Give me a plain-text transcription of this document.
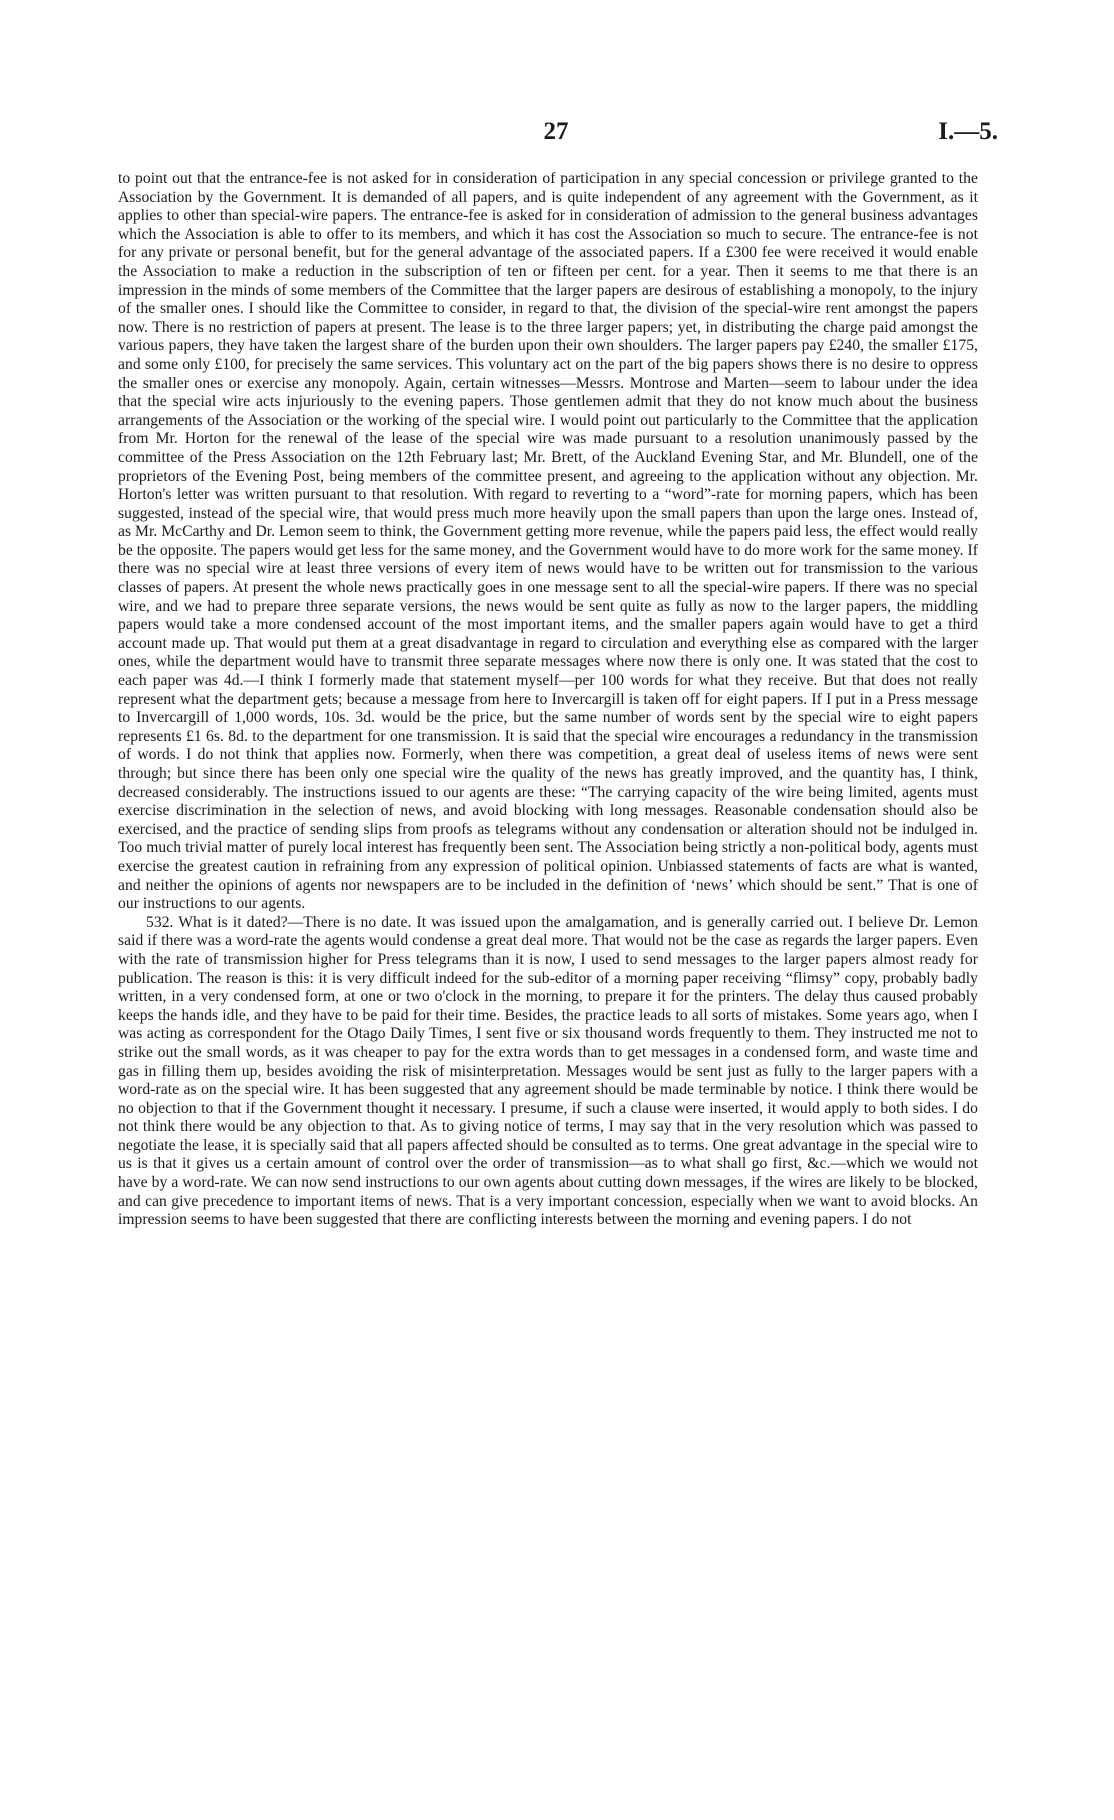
27	I.—5.

to point out that the entrance-fee is not asked for in consideration of participation in any special concession or privilege granted to the Association by the Government. It is demanded of all papers, and is quite independent of any agreement with the Government, as it applies to other than special-wire papers. The entrance-fee is asked for in consideration of admission to the general business advantages which the Association is able to offer to its members, and which it has cost the Association so much to secure. The entrance-fee is not for any private or personal benefit, but for the general advantage of the associated papers. If a £300 fee were received it would enable the Association to make a reduction in the subscription of ten or fifteen per cent. for a year. Then it seems to me that there is an impression in the minds of some members of the Committee that the larger papers are desirous of establishing a monopoly, to the injury of the smaller ones. I should like the Committee to consider, in regard to that, the division of the special-wire rent amongst the papers now. There is no restriction of papers at present. The lease is to the three larger papers; yet, in distributing the charge paid amongst the various papers, they have taken the largest share of the burden upon their own shoulders. The larger papers pay £240, the smaller £175, and some only £100, for precisely the same services. This voluntary act on the part of the big papers shows there is no desire to oppress the smaller ones or exercise any monopoly. Again, certain witnesses—Messrs. Montrose and Marten—seem to labour under the idea that the special wire acts injuriously to the evening papers. Those gentlemen admit that they do not know much about the business arrangements of the Association or the working of the special wire. I would point out particularly to the Committee that the application from Mr. Horton for the renewal of the lease of the special wire was made pursuant to a resolution unanimously passed by the committee of the Press Association on the 12th February last; Mr. Brett, of the Auckland Evening Star, and Mr. Blundell, one of the proprietors of the Evening Post, being members of the committee present, and agreeing to the application without any objection. Mr. Horton's letter was written pursuant to that resolution. With regard to reverting to a “word”-rate for morning papers, which has been suggested, instead of the special wire, that would press much more heavily upon the small papers than upon the large ones. Instead of, as Mr. McCarthy and Dr. Lemon seem to think, the Government getting more revenue, while the papers paid less, the effect would really be the opposite. The papers would get less for the same money, and the Government would have to do more work for the same money. If there was no special wire at least three versions of every item of news would have to be written out for transmission to the various classes of papers. At present the whole news practically goes in one message sent to all the special-wire papers. If there was no special wire, and we had to prepare three separate versions, the news would be sent quite as fully as now to the larger papers, the middling papers would take a more condensed account of the most important items, and the smaller papers again would have to get a third account made up. That would put them at a great disadvantage in regard to circulation and everything else as compared with the larger ones, while the department would have to transmit three separate messages where now there is only one. It was stated that the cost to each paper was 4d.—I think I formerly made that statement myself—per 100 words for what they receive. But that does not really represent what the department gets; because a message from here to Invercargill is taken off for eight papers. If I put in a Press message to Invercargill of 1,000 words, 10s. 3d. would be the price, but the same number of words sent by the special wire to eight papers represents £1 6s. 8d. to the department for one transmission. It is said that the special wire encourages a redundancy in the transmission of words. I do not think that applies now. Formerly, when there was competition, a great deal of useless items of news were sent through; but since there has been only one special wire the quality of the news has greatly improved, and the quantity has, I think, decreased considerably. The instructions issued to our agents are these: “The carrying capacity of the wire being limited, agents must exercise discrimination in the selection of news, and avoid blocking with long messages. Reasonable condensation should also be exercised, and the practice of sending slips from proofs as telegrams without any condensation or alteration should not be indulged in. Too much trivial matter of purely local interest has frequently been sent. The Association being strictly a non-political body, agents must exercise the greatest caution in refraining from any expression of political opinion. Unbiassed statements of facts are what is wanted, and neither the opinions of agents nor newspapers are to be included in the definition of ‘news’ which should be sent.” That is one of our instructions to our agents.

532. What is it dated?—There is no date. It was issued upon the amalgamation, and is generally carried out. I believe Dr. Lemon said if there was a word-rate the agents would condense a great deal more. That would not be the case as regards the larger papers. Even with the rate of transmission higher for Press telegrams than it is now, I used to send messages to the larger papers almost ready for publication. The reason is this: it is very difficult indeed for the sub-editor of a morning paper receiving “flimsy” copy, probably badly written, in a very condensed form, at one or two o'clock in the morning, to prepare it for the printers. The delay thus caused probably keeps the hands idle, and they have to be paid for their time. Besides, the practice leads to all sorts of mistakes. Some years ago, when I was acting as correspondent for the Otago Daily Times, I sent five or six thousand words frequently to them. They instructed me not to strike out the small words, as it was cheaper to pay for the extra words than to get messages in a condensed form, and waste time and gas in filling them up, besides avoiding the risk of misinterpretation. Messages would be sent just as fully to the larger papers with a word-rate as on the special wire. It has been suggested that any agreement should be made terminable by notice. I think there would be no objection to that if the Government thought it necessary. I presume, if such a clause were inserted, it would apply to both sides. I do not think there would be any objection to that. As to giving notice of terms, I may say that in the very resolution which was passed to negotiate the lease, it is specially said that all papers affected should be consulted as to terms. One great advantage in the special wire to us is that it gives us a certain amount of control over the order of transmission—as to what shall go first, &c.—which we would not have by a word-rate. We can now send instructions to our own agents about cutting down messages, if the wires are likely to be blocked, and can give precedence to important items of news. That is a very important concession, especially when we want to avoid blocks. An impression seems to have been suggested that there are conflicting interests between the morning and evening papers. I do not
